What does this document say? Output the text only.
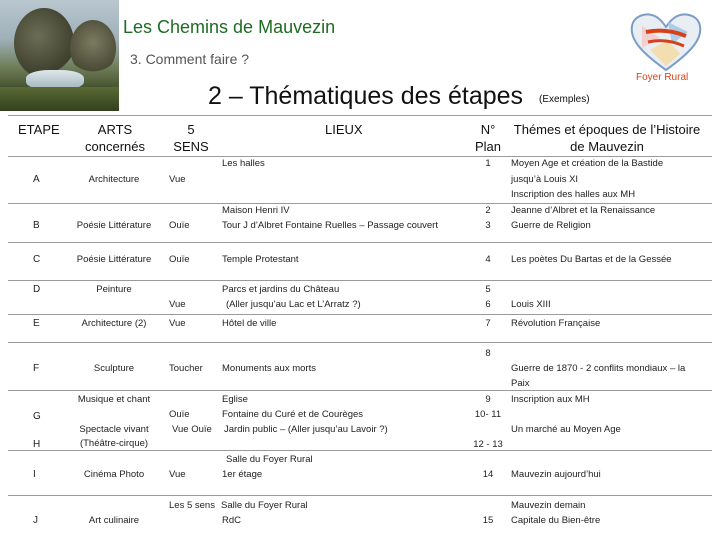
Les Chemins de Mauvezin
3. Comment faire ?
2 – Thématiques des étapes (Exemples)
Foyer Rural
ETAPE	ARTS
concernés
5
SENS
LIEUX	N°
Plan
Thémes et époques de l’Histoire
de Mauvezin
A
B
C
D
E
F
G
H
I
J
Architecture
Poésie Littérature
Poésie Littérature
Peinture
Architecture (2)
Sculpture
Musique et chant
Spectacle vivant
(Théâtre-cirque)
Cinéma Photo
Art culinaire
Vue
Ouïe
Ouïe
Vue
Vue
Toucher
Ouïe
Vue Ouïe
Vue
Les 5 sens
Les halles
Maison Henri IV
Tour J d’Albret Fontaine Ruelles – Passage couvert
Temple Protestant
Parcs et jardins du Château
(Aller jusqu’au Lac et L’Arratz ?)
Hôtel de ville
Monuments aux morts
Eglise
Fontaine du Curé et de Courèges
Jardin public – (Aller jusqu’au Lavoir ?)
Salle du Foyer Rural
1er étage
Salle du Foyer Rural
RdC
1
2
3
4
5
6
7
8
9
10- 11
12 - 13
14
15
Moyen Age et création de la Bastide
jusqu’à Louis XI
Inscription des halles aux MH
Jeanne d’Albret et la Renaissance
Guerre de Religion
Les poètes Du Bartas et de la Gessée
Louis XIII
Révolution Française
Guerre de 1870 - 2 conflits mondiaux – la
Paix
Inscription aux MH
Un marché au Moyen Age
Mauvezin aujourd’hui
Mauvezin demain
Capitale du Bien-être
